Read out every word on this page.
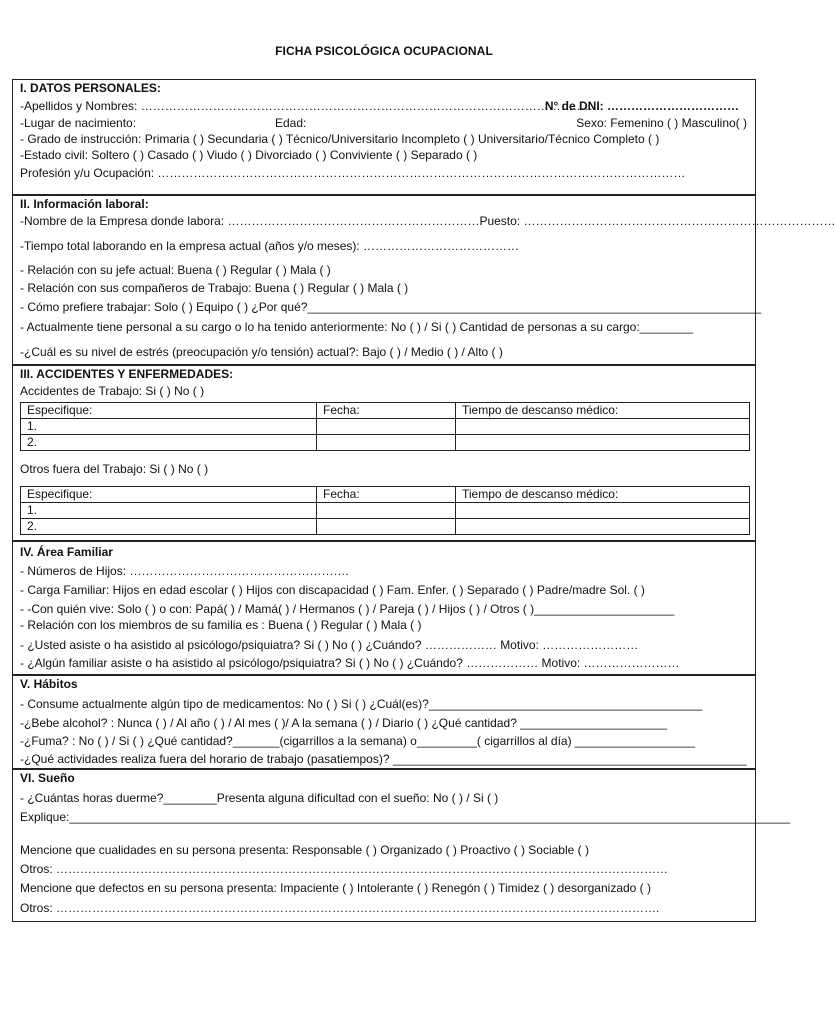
FICHA PSICOLÓGICA OCUPACIONAL
I. DATOS PERSONALES:
-Apellidos y Nombres: ……………………………………………………………………………………………………
N° de DNI: ……………………………
-Lugar de nacimiento:	Edad:	Sexo: Femenino ( ) Masculino( )
- Grado de instrucción: Primaria ( ) Secundaria ( ) Técnico/Universitario Incompleto ( ) Universitario/Técnico Completo ( )
-Estado civil: Soltero ( ) Casado ( ) Viudo ( ) Divorciado ( ) Conviviente ( ) Separado ( )
Profesión y/u Ocupación: ……………………………………………………………………………………………………………………
II. Información laboral:
-Nombre de la Empresa donde labora: ………………………………………………………Puesto: ……………………………………………………………………
-Tiempo total laborando en la empresa actual (años y/o meses): …………………………………
- Relación con su jefe actual: Buena ( ) Regular ( ) Mala ( )
- Relación con sus compañeros de Trabajo: Buena ( ) Regular ( ) Mala ( )
- Cómo prefiere trabajar: Solo ( ) Equipo ( ) ¿Por qué?____________________________________________________________________
- Actualmente tiene personal a su cargo o lo ha tenido anteriormente: No ( ) / Si ( ) Cantidad de personas a su cargo:________
-¿Cuál es su nivel de estrés (preocupación y/o tensión) actual?: Bajo ( ) / Medio ( ) / Alto ( )
III. ACCIDENTES Y ENFERMEDADES:
Accidentes de Trabajo: Si ( ) No ( )
Especifique:	Fecha:	Tiempo de descanso médico:
1.		
2.		
Otros fuera del Trabajo: Si ( ) No ( )
Especifique:	Fecha:	Tiempo de descanso médico:
1.		
2.		
IV. Área Familiar
- Números de Hijos: ……………………………………………….
- Carga Familiar: Hijos en edad escolar ( ) Hijos con discapacidad ( ) Fam. Enfer. ( ) Separado ( ) Padre/madre Sol. ( )
- -Con quién vive: Solo ( ) o con: Papá( ) / Mamá( ) / Hermanos ( ) / Pareja ( ) / Hijos ( ) / Otros ( )_____________________
- Relación con los miembros de su familia es : Buena ( ) Regular ( ) Mala ( )
- ¿Usted asiste o ha asistido al psicólogo/psiquiatra? Si ( ) No ( ) ¿Cuándo? ……………… Motivo: ……………………
- ¿Algún familiar asiste o ha asistido al psicólogo/psiquiatra? Si ( ) No ( ) ¿Cuándo? ……………… Motivo: ……………………
V. Hábitos
- Consume actualmente algún tipo de medicamentos: No ( ) Si ( ) ¿Cuál(es)?_________________________________________
-¿Bebe alcohol? : Nunca ( ) / Al año ( ) / Al mes ( )/ A la semana ( ) / Diario ( ) ¿Qué cantidad? ______________________
-¿Fuma? : No ( ) / Si ( ) ¿Qué cantidad?_______(cigarrillos a la semana) o_________( cigarrillos al día) __________________
-¿Qué actividades realiza fuera del horario de trabajo (pasatiempos)? _____________________________________________________
VI. Sueño
- ¿Cuántas horas duerme?________Presenta alguna dificultad con el sueño: No ( ) / Si ( )
Explique:____________________________________________________________________________________________________________
Mencione que cualidades en su persona presenta: Responsable ( ) Organizado ( ) Proactivo ( ) Sociable ( )
Otros: ………………………………………………………………………………………………………………………………………
Mencione que defectos en su persona presenta: Impaciente ( ) Intolerante ( ) Renegón ( ) Timidez ( ) desorganizado ( )
Otros: …………………………………………………………………………………………………………………………………….
